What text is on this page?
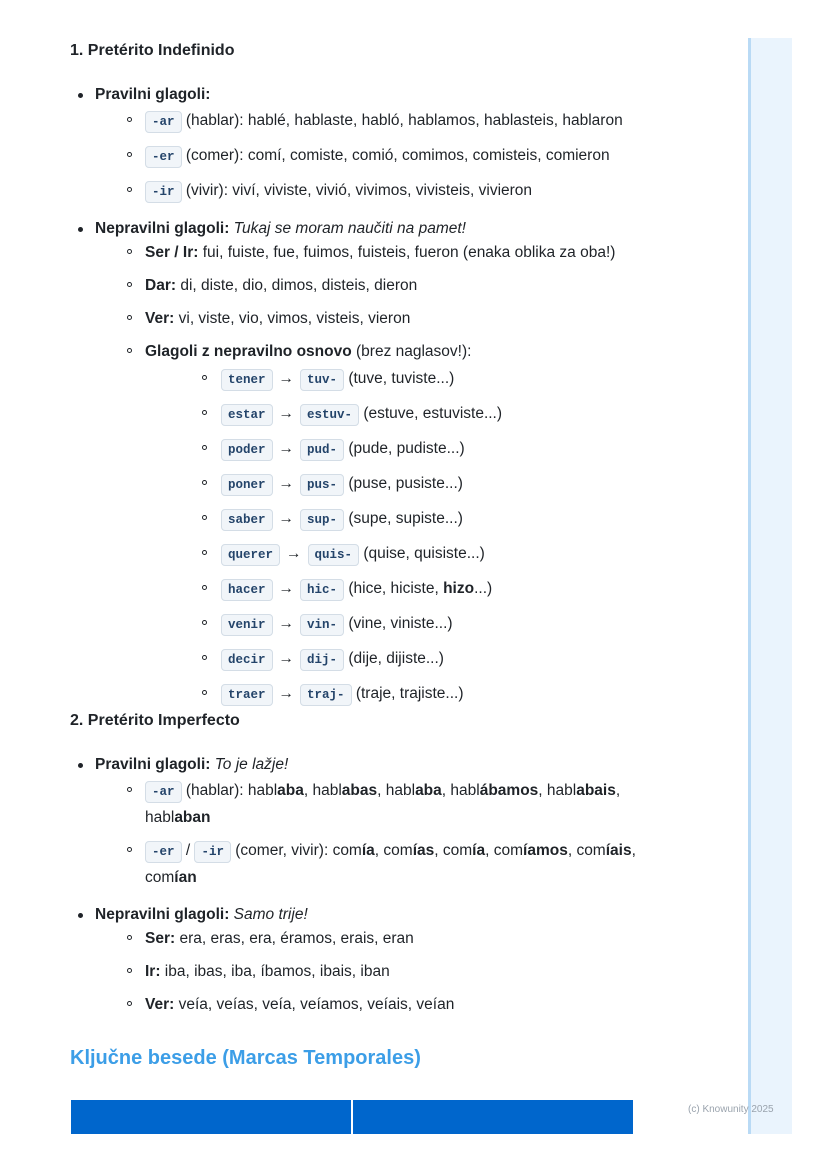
1. Pretérito Indefinido
Pravilni glagoli:
-ar (hablar): hablé, hablaste, habló, hablamos, hablasteis, hablaron
-er (comer): comí, comiste, comió, comimos, comisteis, comieron
-ir (vivir): viví, viviste, vivió, vivimos, vivisteis, vivieron
Nepravilni glagoli: Tukaj se moram naučiti na pamet!
Ser / Ir: fui, fuiste, fue, fuimos, fuisteis, fueron (enaka oblika za oba!)
Dar: di, diste, dio, dimos, disteis, dieron
Ver: vi, viste, vio, vimos, visteis, vieron
Glagoli z nepravilno osnovo (brez naglasov!):
tener → tuv- (tuve, tuviste...)
estar → estuv- (estuve, estuviste...)
poder → pud- (pude, pudiste...)
poner → pus- (puse, pusiste...)
saber → sup- (supe, supiste...)
querer → quis- (quise, quisiste...)
hacer → hic- (hice, hiciste, hizo...)
venir → vin- (vine, viniste...)
decir → dij- (dije, dijiste...)
traer → traj- (traje, trajiste...)
2. Pretérito Imperfecto
Pravilni glagoli: To je lažje!
-ar (hablar): hablaba, hablabas, hablaba, hablábamos, hablabais, hablaban
-er / -ir (comer, vivir): comía, comías, comía, comíamos, comíais, comían
Nepravilni glagoli: Samo trije!
Ser: era, eras, era, éramos, erais, eran
Ir: iba, ibas, iba, íbamos, ibais, iban
Ver: veía, veías, veía, veíamos, veíais, veían
Ključne besede (Marcas Temporales)
(c) Knowunity 2025
